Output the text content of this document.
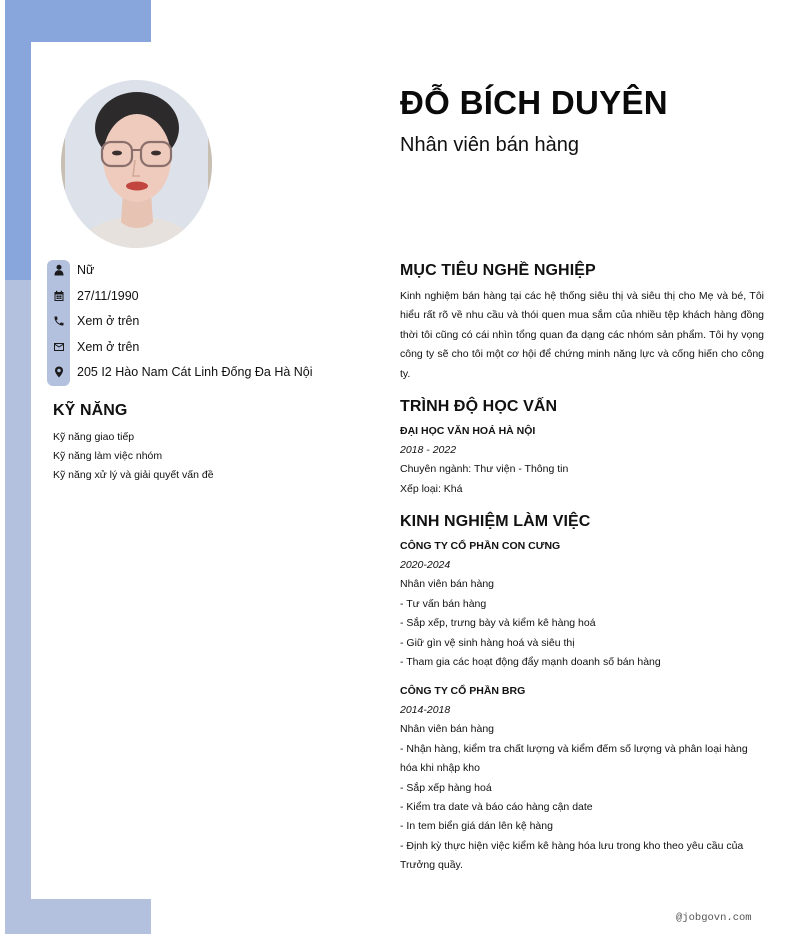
Nữ
27/11/1990
Xem ở trên
Xem ở trên
205 I2 Hào Nam Cát Linh Đống Đa Hà Nội
KỸ NĂNG
Kỹ năng giao tiếp
Kỹ năng làm việc nhóm
Kỹ năng xử lý và giải quyết vấn đề
ĐỖ BÍCH DUYÊN
Nhân viên bán hàng
MỤC TIÊU NGHỀ NGHIỆP
Kinh nghiệm bán hàng tại các hệ thống siêu thị và siêu thị cho Mẹ và bé, Tôi hiểu rất rõ về nhu cầu và thói quen mua sắm của nhiều tệp khách hàng đồng thời tôi cũng có cái nhìn tổng quan đa dạng các nhóm sản phẩm. Tôi hy vọng công ty sẽ cho tôi một cơ hội để chứng minh năng lực và cống hiến cho công ty.
TRÌNH ĐỘ HỌC VẤN
ĐẠI HỌC VĂN HOÁ HÀ NỘI
2018 - 2022
Chuyên ngành: Thư viện - Thông tin
Xếp loại: Khá
KINH NGHIỆM LÀM VIỆC
CÔNG TY CỔ PHẦN CON CƯNG
2020-2024
Nhân viên bán hàng
- Tư vấn bán hàng
- Sắp xếp, trưng bày và kiểm kê hàng hoá
- Giữ gìn vệ sinh hàng hoá và siêu thị
- Tham gia các hoạt động đẩy mạnh doanh số bán hàng
CÔNG TY CỔ PHẦN BRG
2014-2018
Nhân viên bán hàng
- Nhận hàng, kiểm tra chất lượng và kiểm đếm số lượng và phân loại hàng hóa khi nhập kho
- Sắp xếp hàng hoá
- Kiểm tra date và báo cáo hàng cận date
- In tem biển giá dán lên kệ hàng
- Định kỳ thực hiện việc kiểm kê hàng hóa lưu trong kho theo yêu cầu của Trưởng quầy.
@jobgovn.com
